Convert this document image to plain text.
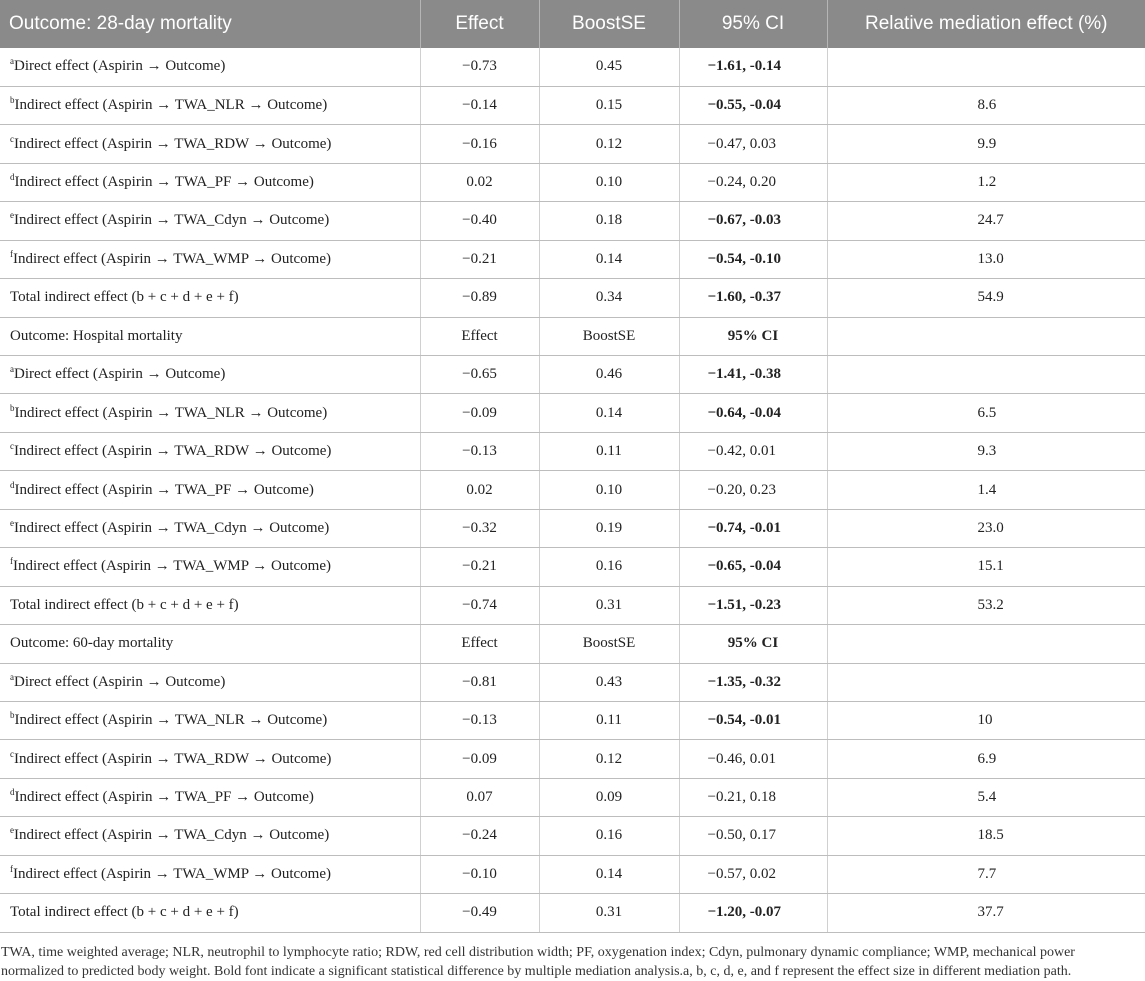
Outcome: 28-day mortality	Effect	BoostSE	95% CI	Relative mediation effect (%)
$^a$Direct effect (Aspirin → Outcome)	−0.73	0.45	−1.61, -0.14	
$^b$Indirect effect (Aspirin → TWA_NLR → Outcome)	−0.14	0.15	−0.55, -0.04	8.6
$^c$Indirect effect (Aspirin → TWA_RDW → Outcome)	−0.16	0.12	−0.47, 0.03	9.9
$^d$Indirect effect (Aspirin → TWA_PF → Outcome)	0.02	0.10	−0.24, 0.20	1.2
$^e$Indirect effect (Aspirin → TWA_Cdyn → Outcome)	−0.40	0.18	−0.67, -0.03	24.7
$^f$Indirect effect (Aspirin → TWA_WMP → Outcome)	−0.21	0.14	−0.54, -0.10	13.0
Total indirect effect (b + c + d + e + f)	−0.89	0.34	−1.60, -0.37	54.9
Outcome: Hospital mortality	Effect	BoostSE	95% CI	
$^a$Direct effect (Aspirin → Outcome)	−0.65	0.46	−1.41, -0.38	
$^b$Indirect effect (Aspirin → TWA_NLR → Outcome)	−0.09	0.14	−0.64, -0.04	6.5
$^c$Indirect effect (Aspirin → TWA_RDW → Outcome)	−0.13	0.11	−0.42, 0.01	9.3
$^d$Indirect effect (Aspirin → TWA_PF → Outcome)	0.02	0.10	−0.20, 0.23	1.4
$^e$Indirect effect (Aspirin → TWA_Cdyn → Outcome)	−0.32	0.19	−0.74, -0.01	23.0
$^f$Indirect effect (Aspirin → TWA_WMP → Outcome)	−0.21	0.16	−0.65, -0.04	15.1
Total indirect effect (b + c + d + e + f)	−0.74	0.31	−1.51, -0.23	53.2
Outcome: 60-day mortality	Effect	BoostSE	95% CI	
$^a$Direct effect (Aspirin → Outcome)	−0.81	0.43	−1.35, -0.32	
$^b$Indirect effect (Aspirin → TWA_NLR → Outcome)	−0.13	0.11	−0.54, -0.01	10
$^c$Indirect effect (Aspirin → TWA_RDW → Outcome)	−0.09	0.12	−0.46, 0.01	6.9
$^d$Indirect effect (Aspirin → TWA_PF → Outcome)	0.07	0.09	−0.21, 0.18	5.4
$^e$Indirect effect (Aspirin → TWA_Cdyn → Outcome)	−0.24	0.16	−0.50, 0.17	18.5
$^f$Indirect effect (Aspirin → TWA_WMP → Outcome)	−0.10	0.14	−0.57, 0.02	7.7
Total indirect effect (b + c + d + e + f)	−0.49	0.31	−1.20, -0.07	37.7
TWA, time weighted average; NLR, neutrophil to lymphocyte ratio; RDW, red cell distribution width; PF, oxygenation index; Cdyn, pulmonary dynamic compliance; WMP, mechanical power normalized to predicted body weight. Bold font indicate a significant statistical difference by multiple mediation analysis.a, b, c, d, e, and f represent the effect size in different mediation path.
